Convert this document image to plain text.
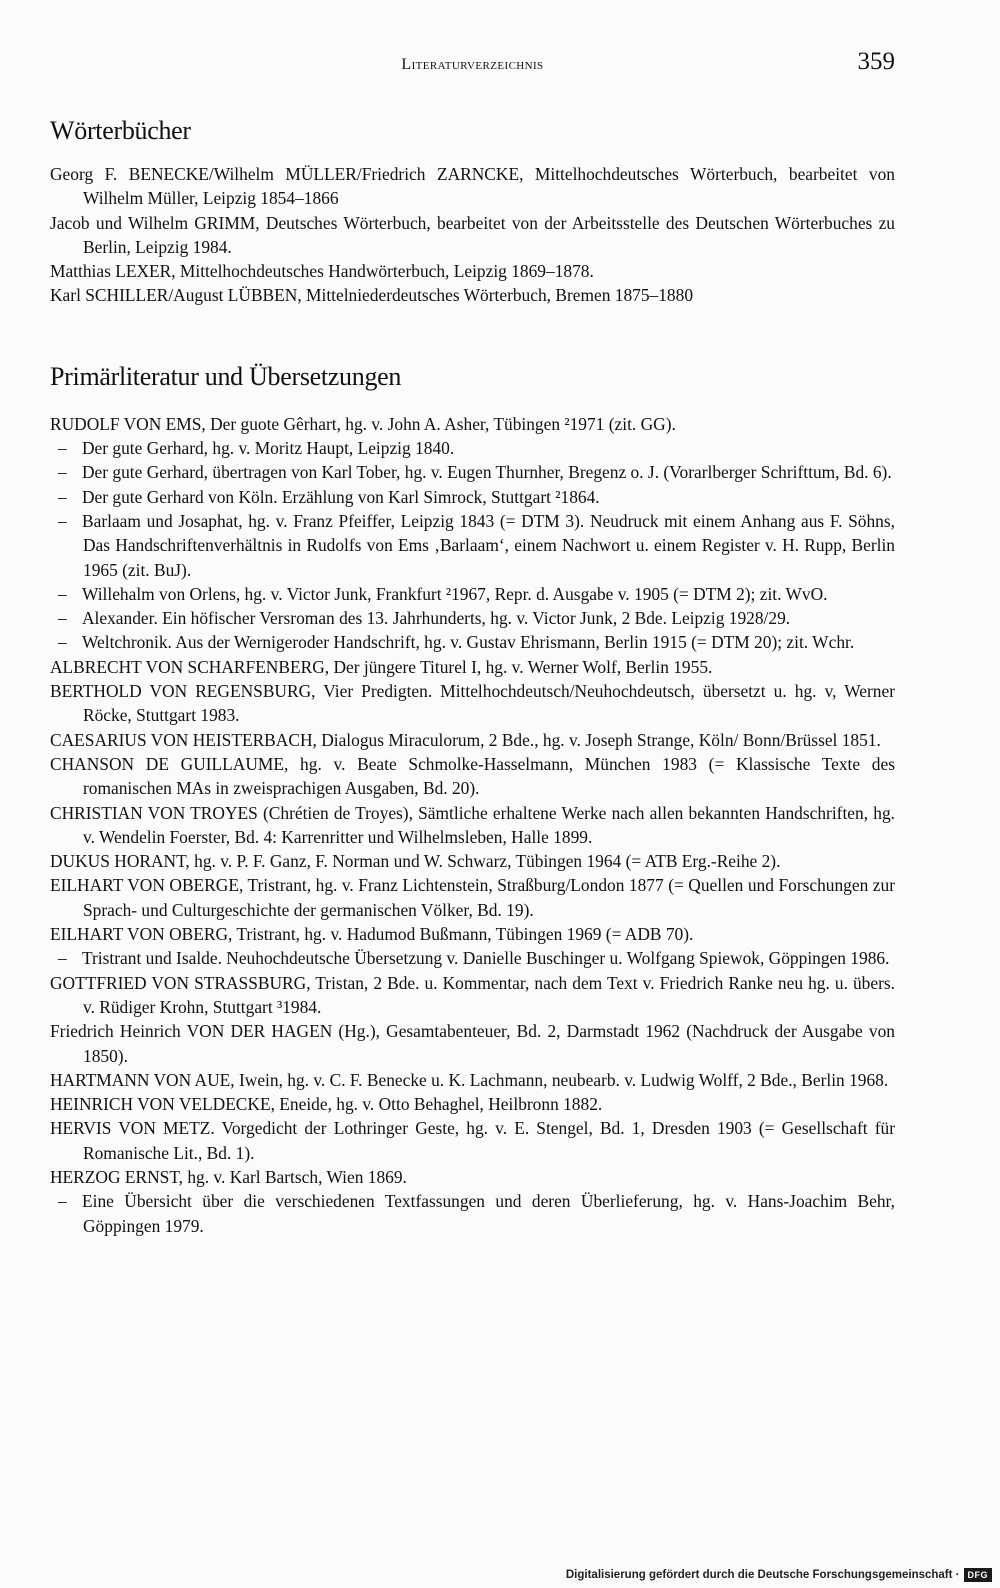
Literaturverzeichnis	359
Wörterbücher

Georg F. BENECKE/Wilhelm MÜLLER/Friedrich ZARNCKE, Mittelhochdeutsches Wörterbuch, bearbeitet von Wilhelm Müller, Leipzig 1854–1866

Jacob und Wilhelm GRIMM, Deutsches Wörterbuch, bearbeitet von der Arbeitsstelle des Deutschen Wörterbuches zu Berlin, Leipzig 1984.

Matthias LEXER, Mittelhochdeutsches Handwörterbuch, Leipzig 1869–1878.

Karl SCHILLER/August LÜBBEN, Mittelniederdeutsches Wörterbuch, Bremen 1875–1880

Primärliteratur und Übersetzungen

RUDOLF VON EMS, Der guote Gêrhart, hg. v. John A. Asher, Tübingen ²1971 (zit. GG).

– Der gute Gerhard, hg. v. Moritz Haupt, Leipzig 1840.

– Der gute Gerhard, übertragen von Karl Tober, hg. v. Eugen Thurnher, Bregenz o. J. (Vorarlberger Schrifttum, Bd. 6).

– Der gute Gerhard von Köln. Erzählung von Karl Simrock, Stuttgart ²1864.

– Barlaam und Josaphat, hg. v. Franz Pfeiffer, Leipzig 1843 (= DTM 3). Neudruck mit einem Anhang aus F. Söhns, Das Handschriftenverhältnis in Rudolfs von Ems ‚Barlaam‘, einem Nachwort u. einem Register v. H. Rupp, Berlin 1965 (zit. BuJ).

– Willehalm von Orlens, hg. v. Victor Junk, Frankfurt ²1967, Repr. d. Ausgabe v. 1905 (= DTM 2); zit. WvO.

– Alexander. Ein höfischer Versroman des 13. Jahrhunderts, hg. v. Victor Junk, 2 Bde. Leipzig 1928/29.

– Weltchronik. Aus der Wernigeroder Handschrift, hg. v. Gustav Ehrismann, Berlin 1915 (= DTM 20); zit. Wchr.

ALBRECHT VON SCHARFENBERG, Der jüngere Titurel I, hg. v. Werner Wolf, Berlin 1955.

BERTHOLD VON REGENSBURG, Vier Predigten. Mittelhochdeutsch/Neuhochdeutsch, übersetzt u. hg. v, Werner Röcke, Stuttgart 1983.

CAESARIUS VON HEISTERBACH, Dialogus Miraculorum, 2 Bde., hg. v. Joseph Strange, Köln/ Bonn/Brüssel 1851.

CHANSON DE GUILLAUME, hg. v. Beate Schmolke-Hasselmann, München 1983 (= Klassische Texte des romanischen MAs in zweisprachigen Ausgaben, Bd. 20).

CHRISTIAN VON TROYES (Chrétien de Troyes), Sämtliche erhaltene Werke nach allen bekannten Handschriften, hg. v. Wendelin Foerster, Bd. 4: Karrenritter und Wilhelmsleben, Halle 1899.

DUKUS HORANT, hg. v. P. F. Ganz, F. Norman und W. Schwarz, Tübingen 1964 (= ATB Erg.-Reihe 2).

EILHART VON OBERGE, Tristrant, hg. v. Franz Lichtenstein, Straßburg/London 1877 (= Quellen und Forschungen zur Sprach- und Culturgeschichte der germanischen Völker, Bd. 19).

EILHART VON OBERG, Tristrant, hg. v. Hadumod Bußmann, Tübingen 1969 (= ADB 70).

– Tristrant und Isalde. Neuhochdeutsche Übersetzung v. Danielle Buschinger u. Wolfgang Spiewok, Göppingen 1986.

GOTTFRIED VON STRASSBURG, Tristan, 2 Bde. u. Kommentar, nach dem Text v. Friedrich Ranke neu hg. u. übers. v. Rüdiger Krohn, Stuttgart ³1984.

Friedrich Heinrich VON DER HAGEN (Hg.), Gesamtabenteuer, Bd. 2, Darmstadt 1962 (Nachdruck der Ausgabe von 1850).

HARTMANN VON AUE, Iwein, hg. v. C. F. Benecke u. K. Lachmann, neubearb. v. Ludwig Wolff, 2 Bde., Berlin 1968.

HEINRICH VON VELDECKE, Eneide, hg. v. Otto Behaghel, Heilbronn 1882.

HERVIS VON METZ. Vorgedicht der Lothringer Geste, hg. v. E. Stengel, Bd. 1, Dresden 1903 (= Gesellschaft für Romanische Lit., Bd. 1).

HERZOG ERNST, hg. v. Karl Bartsch, Wien 1869.

– Eine Übersicht über die verschiedenen Textfassungen und deren Überlieferung, hg. v. Hans-Joachim Behr, Göppingen 1979.

Digitalisierung gefördert durch die Deutsche Forschungsgemeinschaft · DFG
